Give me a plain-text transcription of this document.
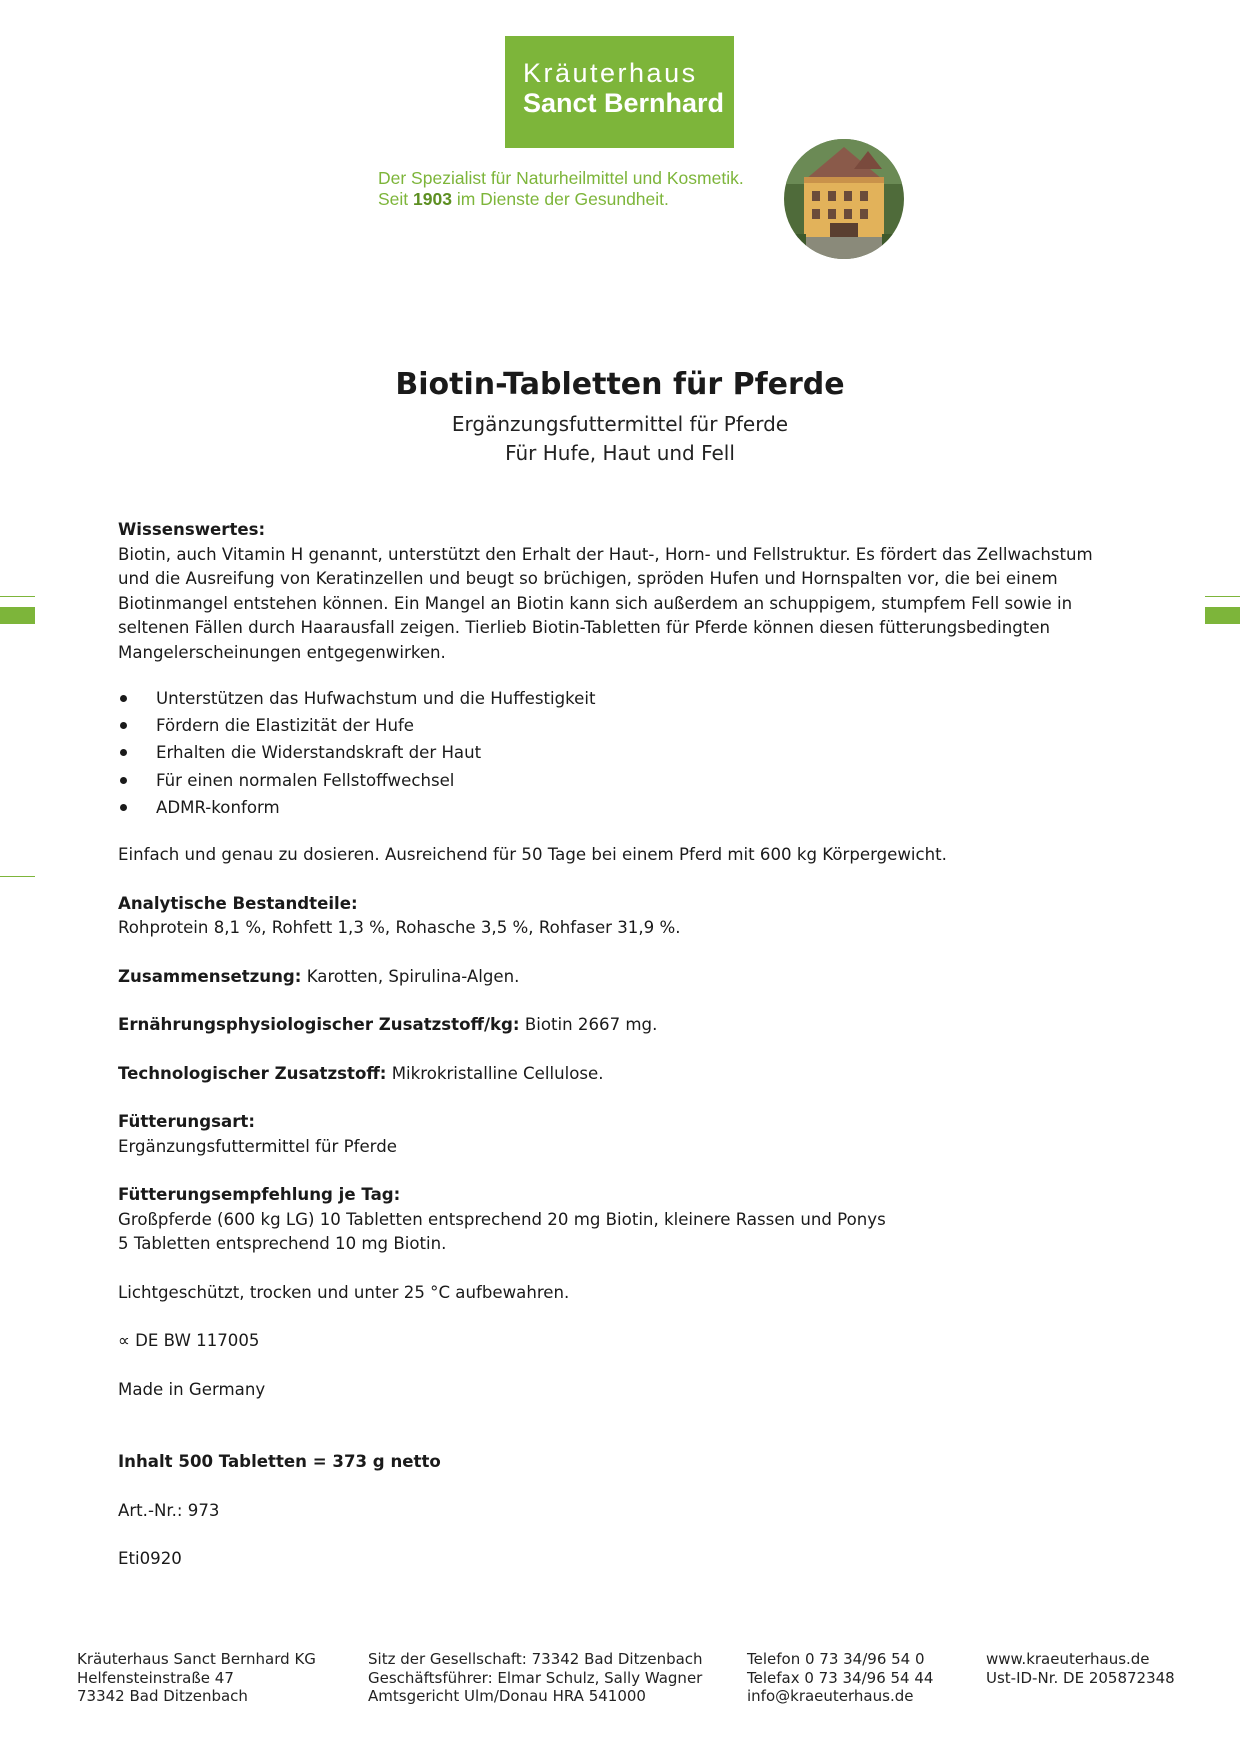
Kräuterhaus
Sanct Bernhard
Der Spezialist für Naturheilmittel und Kosmetik.
Seit 1903 im Dienste der Gesundheit.
Biotin-Tabletten für Pferde
Ergänzungsfuttermittel für Pferde
Für Hufe, Haut und Fell

Wissenswertes:

Biotin, auch Vitamin H genannt, unterstützt den Erhalt der Haut-, Horn- und Fellstruktur. Es fördert das Zellwachstum und die Ausreifung von Keratinzellen und beugt so brüchigen, spröden Hufen und Hornspalten vor, die bei einem Biotinmangel entstehen können. Ein Mangel an Biotin kann sich außerdem an schuppigem, stumpfem Fell sowie in seltenen Fällen durch Haarausfall zeigen. Tierlieb Biotin-Tabletten für Pferde können diesen fütterungsbedingten Mangelerscheinungen entgegenwirken.

Unterstützen das Hufwachstum und die Huffestigkeit
Fördern die Elastizität der Hufe
Erhalten die Widerstandskraft der Haut
Für einen normalen Fellstoffwechsel
ADMR-konform

Einfach und genau zu dosieren. Ausreichend für 50 Tage bei einem Pferd mit 600 kg Körpergewicht.

Analytische Bestandteile:

Rohprotein 8,1 %, Rohfett 1,3 %, Rohasche 3,5 %, Rohfaser 31,9 %.

Zusammensetzung: Karotten, Spirulina-Algen.

Ernährungsphysiologischer Zusatzstoff/kg: Biotin 2667 mg.

Technologischer Zusatzstoff: Mikrokristalline Cellulose.

Fütterungsart:

Ergänzungsfuttermittel für Pferde

Fütterungsempfehlung je Tag:

Großpferde (600 kg LG) 10 Tabletten entsprechend 20 mg Biotin, kleinere Rassen und Ponys

5 Tabletten entsprechend 10 mg Biotin.

Lichtgeschützt, trocken und unter 25 °C aufbewahren.

∝ DE BW 117005

Made in Germany

Inhalt 500 Tabletten = 373 g netto

Art.-Nr.: 973

Eti0920

Kräuterhaus Sanct Bernhard KG
Helfensteinstraße 47
73342 Bad Ditzenbach
Sitz der Gesellschaft: 73342 Bad Ditzenbach
Geschäftsführer: Elmar Schulz, Sally Wagner
Amtsgericht Ulm/Donau HRA 541000
Telefon 0 73 34/96 54 0
Telefax 0 73 34/96 54 44
info@kraeuterhaus.de
www.kraeuterhaus.de
Ust-ID-Nr. DE 205872348
